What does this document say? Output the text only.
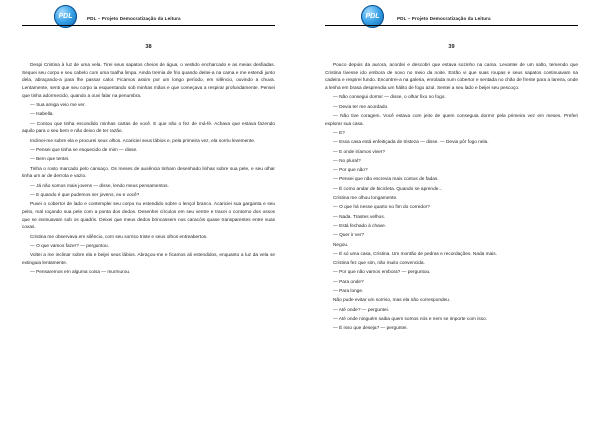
PDL	PDL – Projeto Democratização da Leitura
38

Despi Cristina à luz de uma vela. Tirei seus sapatos cheios de água, o vestido encharcado e as meias desfiadas. Sequei seu corpo e seu cabelo com uma toalha limpa. Ainda tremia de frio quando deitei-a na cama e me estendi junto dela, abraçando-a para lhe passar calor. Ficamos assim por um longo período, em silêncio, ouvindo a chuva. Lentamente, senti que seu corpo ia esquentando sob minhas mãos e que começava a respirar profundamente. Pensei que tinha adormecido, quando a ouvi falar na penumbra.

— Sua amiga veio me ver.

— Isabella.

— Contou que tinha escondido minhas cartas de você. E que não o fez de má-fé. Achava que estava fazendo aquilo para o seu bem e não deixo de ter razão.

Inclinei-me sobre ela e procurei seus olhos. Acariciei seus lábios e, pela primeira vez, ela sorriu levemente.

— Pensei que tinha se esquecido de mim — disse.

— Bem que tentei.

Tinha o rosto marcado pelo cansaço. Os meses de ausência tinham desenhado linhas sobre sua pele, e seu olhar tinha um ar de derrota e vazio.

— Já não somos mais jovens — disse, lendo meus pensamentos.

— E quando é que pudemos ser jovens, eu e você?

Puxei o cobertor de lado e contemplei seu corpo nu estendido sobre o lençol branco. Acariciei sua garganta e seu peito, mal roçando sua pele com a ponta dos dedos. Desenhei círculos em seu ventre e tracei o contorno dos ossos que se insinuavam sob os quadris. Deixei que meus dedos brincassem nos caracóis quase transparentes entre suas coxas.

Cristina me observava em silêncio, com seu sorriso triste e seus olhos entreabertos.

— O que vamos fazer? — perguntou.

Voltei a me inclinar sobre ela e beijei seus lábios. Abraçou-me e ficamos ali estendidos, enquanto a luz da vela se extinguia lentamente.

— Pensaremos em alguma coisa — murmurou.

PDL	PDL – Projeto Democratização da Leitura
39

Pouco depois da aurora, acordei e descobri que estava sozinho na cama. Levantei de um salto, temendo que Cristina tivesse ido embora de novo no meio da noite. Então vi que suas roupas e seus sapatos continuavam na cadeira e respirei fundo. Encontrei-a na galeria, enrolada num cobertor e sentada no chão de frente para a lareira, onde a lenha em brasa desprendia um hálito de fogo azul. Sentei a seu lado e beijei seu pescoço.

— Não consegui dormir — disse, o olhar fixo no fogo.

— Devia ter me acordado.

— Não tive coragem. Você estava com jeito de quem conseguia dormir pela primeira vez em meses. Preferi explorar sua casa.

— E?

— Essa casa está enfeitiçada de tristeza — disse. — Devia pôr fogo nela.

— E onde iríamos viver?

— No plural?

— Por que não?

— Pensei que não escrevia mais contos de fadas.

— É como andar de bicicleta. Quando se aprende...

Cristina me olhou longamente.

— O que há nesse quarto no fim do corredor?

— Nada. Trastes velhos.

— Está fechado à chave.

— Quer ir ver?

Negou.

— É só uma casa, Cristina. Um montão de pedras e recordações. Nada mais.

Cristina fez que sim, não muito convencida.

— Por que não vamos embora? — perguntou.

— Para onde?

— Para longe.

Não pude evitar um sorriso, mas ela não correspondeu.

— Até onde? — perguntei.

— Até onde ninguém saiba quem somos nós e nem se importe com isso.

— É isso que deseja? — perguntei.
